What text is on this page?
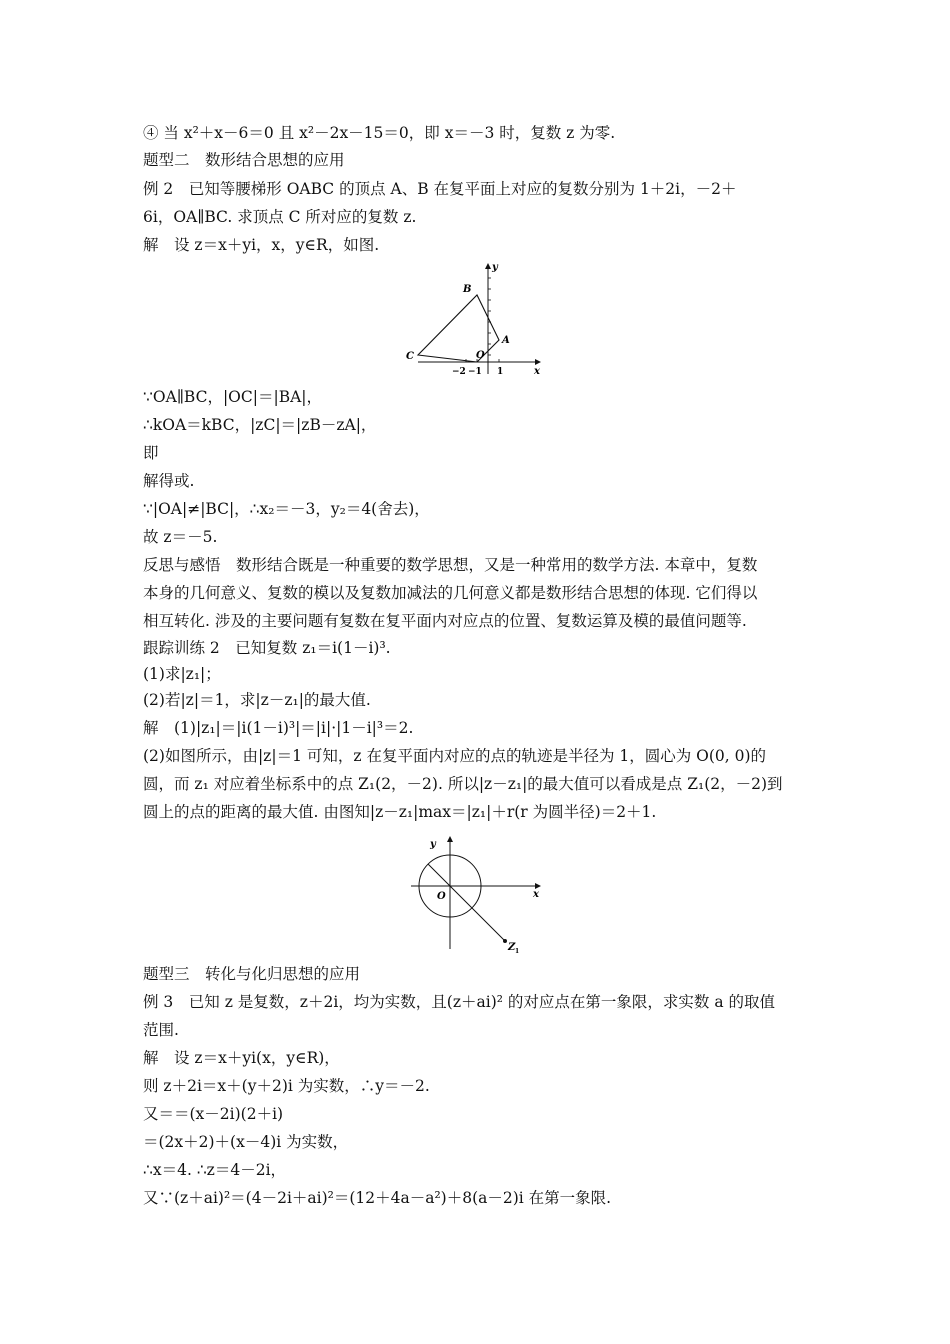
④ 当 x²＋x－6＝0 且 x²－2x－15＝0，即 x＝－3 时，复数 z 为零.
题型二　数形结合思想的应用
例 2　已知等腰梯形 OABC 的顶点 A、B 在复平面上对应的复数分别为 1＋2i，－2＋
6i，OA∥BC. 求顶点 C 所对应的复数 z.
解　设 z＝x＋yi，x，y∈R，如图.
y
x
B
A
C	O
−2 −1 1
∵OA∥BC，|OC|＝|BA|，
∴kOA＝kBC，|zC|＝|zB－zA|，
即
解得或.
∵|OA|≠|BC|，∴x₂＝－3，y₂＝4(舍去)，
故 z＝－5.
反思与感悟　数形结合既是一种重要的数学思想，又是一种常用的数学方法. 本章中，复数
本身的几何意义、复数的模以及复数加减法的几何意义都是数形结合思想的体现. 它们得以
相互转化. 涉及的主要问题有复数在复平面内对应点的位置、复数运算及模的最值问题等.
跟踪训练 2　已知复数 z₁＝i(1－i)³.
(1)求|z₁|；
(2)若|z|＝1，求|z－z₁|的最大值.
解　(1)|z₁|＝|i(1－i)³|＝|i|·|1－i|³＝2.
(2)如图所示，由|z|＝1 可知，z 在复平面内对应的点的轨迹是半径为 1，圆心为 O(0, 0)的
圆，而 z₁ 对应着坐标系中的点 Z₁(2，－2). 所以|z－z₁|的最大值可以看成是点 Z₁(2，－2)到
圆上的点的距离的最大值. 由图知|z－z₁|max＝|z₁|＋r(r 为圆半径)＝2＋1.
y
x
O
Z 1
题型三　转化与化归思想的应用
例 3　已知 z 是复数，z＋2i，均为实数，且(z＋ai)² 的对应点在第一象限，求实数 a 的取值
范围.
解　设 z＝x＋yi(x，y∈R)，
则 z＋2i＝x＋(y＋2)i 为实数，∴y＝－2.
又＝＝(x－2i)(2＋i)
＝(2x＋2)＋(x－4)i 为实数，
∴x＝4. ∴z＝4－2i，
又∵(z＋ai)²＝(4－2i＋ai)²＝(12＋4a－a²)＋8(a－2)i 在第一象限.
